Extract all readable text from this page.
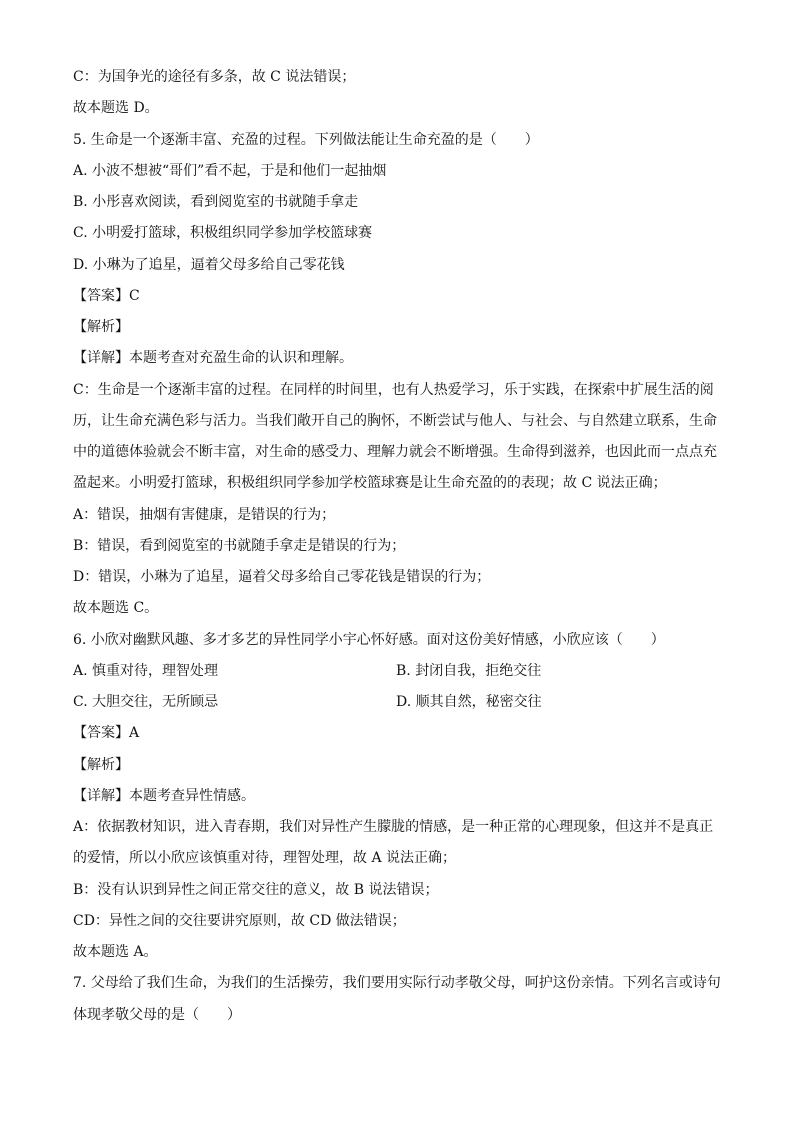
C：为国争光的途径有多条，故 C 说法错误；
故本题选 D。
5. 生命是一个逐渐丰富、充盈的过程。下列做法能让生命充盈的是（　　）
A. 小波不想被“哥们”看不起，于是和他们一起抽烟
B. 小彤喜欢阅读，看到阅览室的书就随手拿走
C. 小明爱打篮球，积极组织同学参加学校篮球赛
D. 小琳为了追星，逼着父母多给自己零花钱
【答案】C
【解析】
【详解】本题考查对充盈生命的认识和理解。
C：生命是一个逐渐丰富的过程。在同样的时间里，也有人热爱学习，乐于实践，在探索中扩展生活的阅
历，让生命充满色彩与活力。当我们敞开自己的胸怀，不断尝试与他人、与社会、与自然建立联系，生命
中的道德体验就会不断丰富，对生命的感受力、理解力就会不断增强。生命得到滋养，也因此而一点点充
盈起来。小明爱打篮球，积极组织同学参加学校篮球赛是让生命充盈的的表现；故 C 说法正确；
A：错误，抽烟有害健康，是错误的行为；
B：错误，看到阅览室的书就随手拿走是错误的行为；
D：错误，小琳为了追星，逼着父母多给自己零花钱是错误的行为；
故本题选 C。
6. 小欣对幽默风趣、多才多艺的异性同学小宇心怀好感。面对这份美好情感，小欣应该（　　）
A. 慎重对待，理智处理	B. 封闭自我，拒绝交往
C. 大胆交往，无所顾忌	D. 顺其自然，秘密交往
【答案】A
【解析】
【详解】本题考查异性情感。
A：依据教材知识，进入青春期，我们对异性产生朦胧的情感，是一种正常的心理现象，但这并不是真正
的爱情，所以小欣应该慎重对待，理智处理，故 A 说法正确；
B：没有认识到异性之间正常交往的意义，故 B 说法错误；
CD：异性之间的交往要讲究原则，故 CD 做法错误；
故本题选 A。
7. 父母给了我们生命，为我们的生活操劳，我们要用实际行动孝敬父母，呵护这份亲情。下列名言或诗句
体现孝敬父母的是（　　）
